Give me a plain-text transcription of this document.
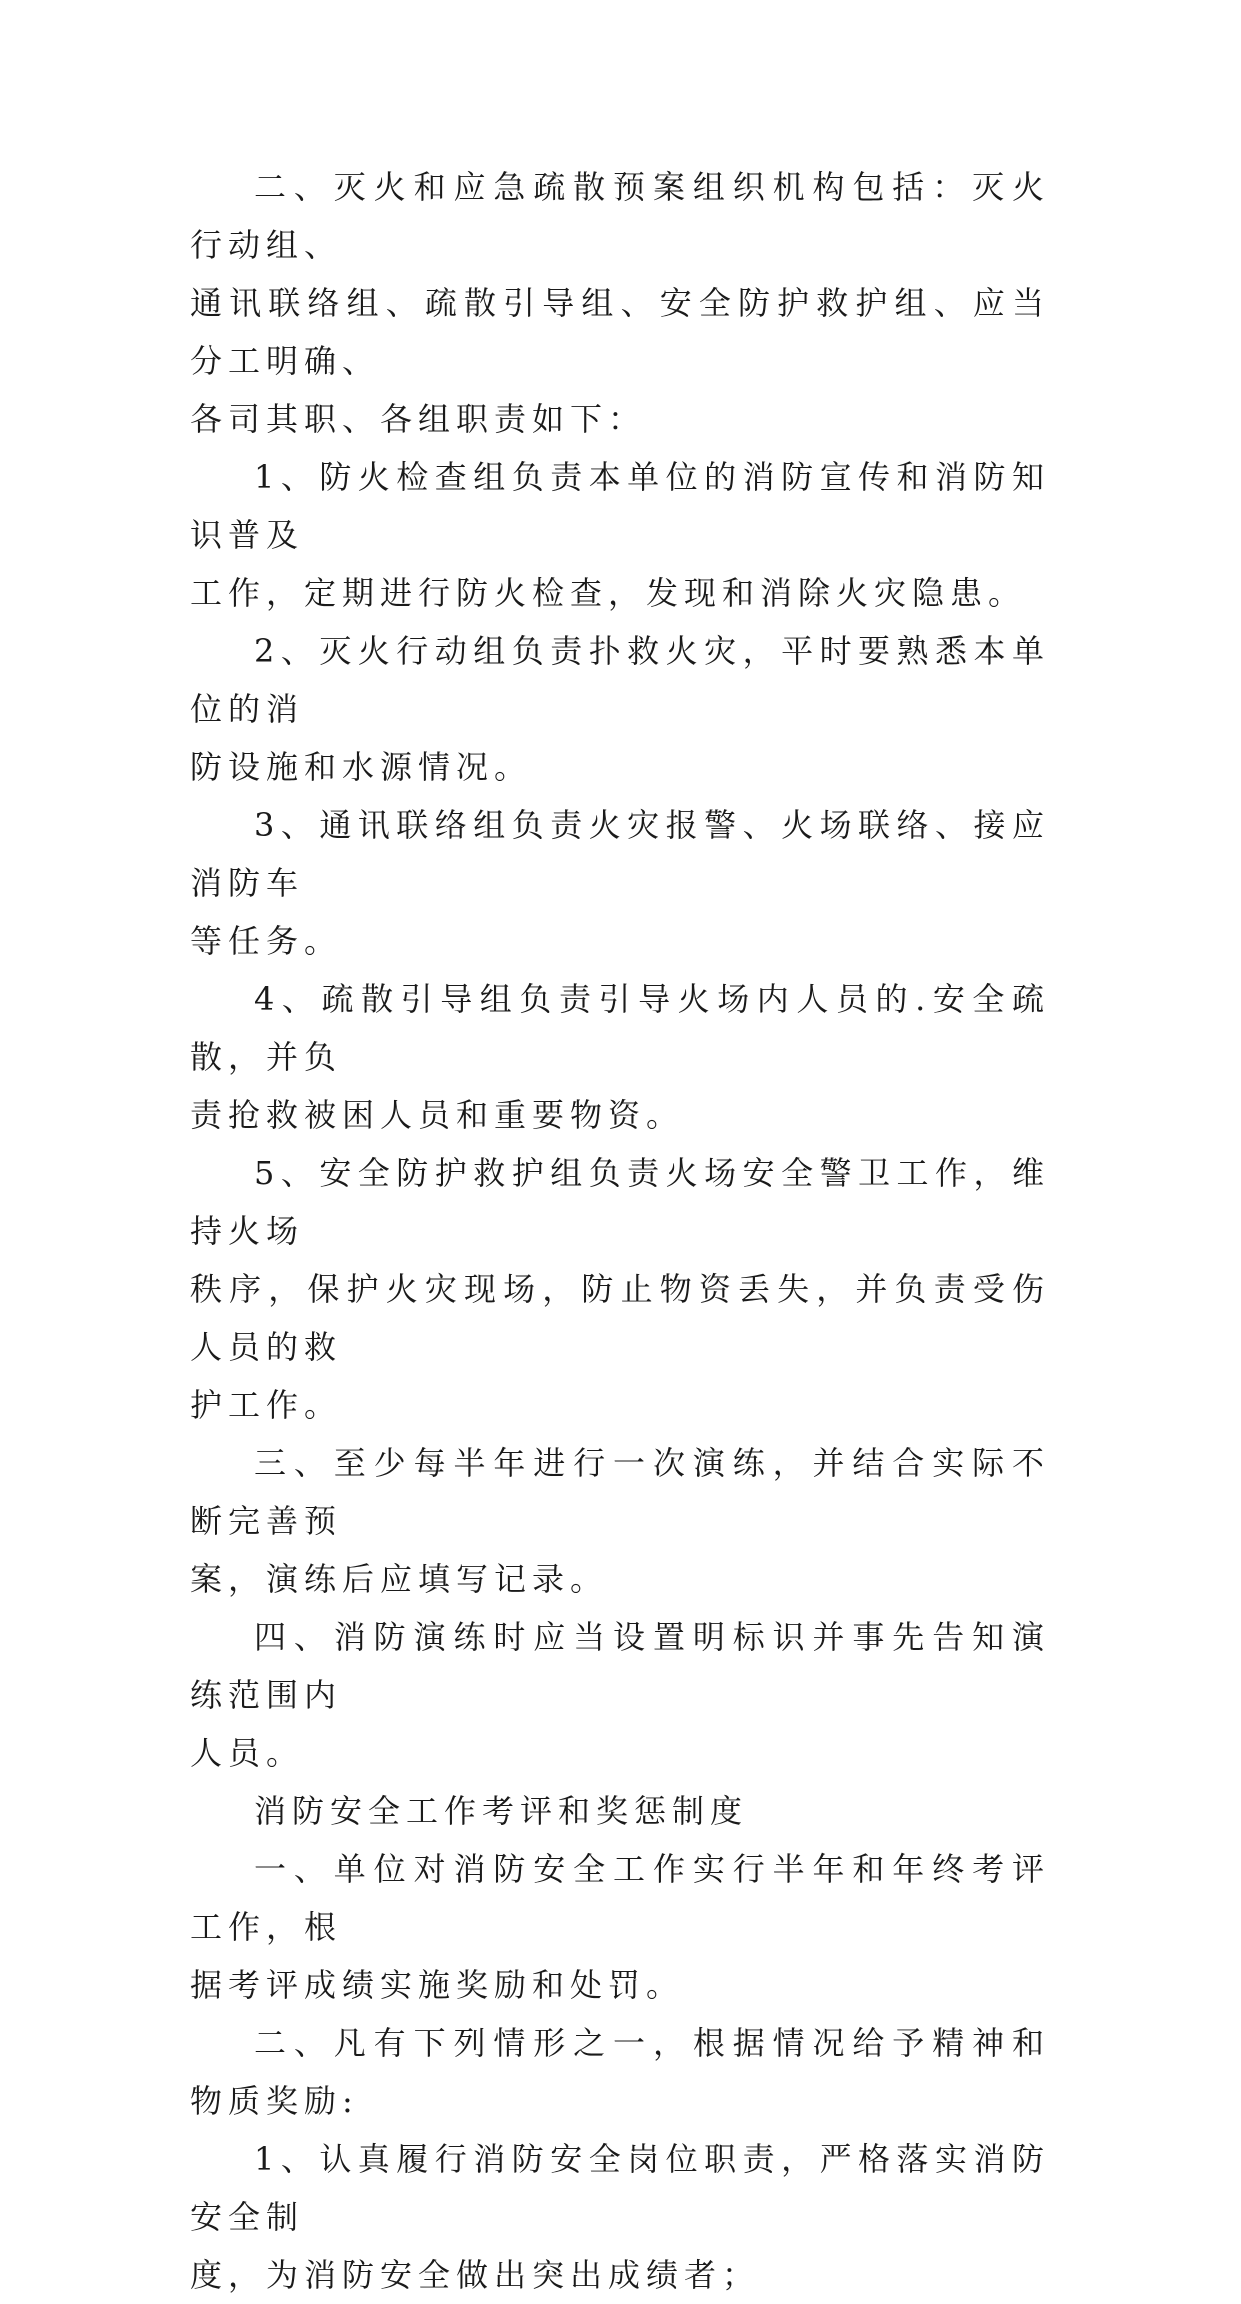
二、灭火和应急疏散预案组织机构包括：灭火行动组、
通讯联络组、疏散引导组、安全防护救护组、应当分工明确、
各司其职、各组职责如下：

1、防火检查组负责本单位的消防宣传和消防知识普及
工作，定期进行防火检查，发现和消除火灾隐患。

2、灭火行动组负责扑救火灾，平时要熟悉本单位的消
防设施和水源情况。

3、通讯联络组负责火灾报警、火场联络、接应消防车
等任务。

4、疏散引导组负责引导火场内人员的.安全疏散，并负
责抢救被困人员和重要物资。

5、安全防护救护组负责火场安全警卫工作，维持火场
秩序，保护火灾现场，防止物资丢失，并负责受伤人员的救
护工作。

三、至少每半年进行一次演练，并结合实际不断完善预
案，演练后应填写记录。

四、消防演练时应当设置明标识并事先告知演练范围内
人员。

消防安全工作考评和奖惩制度

一、单位对消防安全工作实行半年和年终考评工作，根
据考评成绩实施奖励和处罚。

二、凡有下列情形之一，根据情况给予精神和物质奖励:

1、认真履行消防安全岗位职责，严格落实消防安全制
度，为消防安全做出突出成绩者；
